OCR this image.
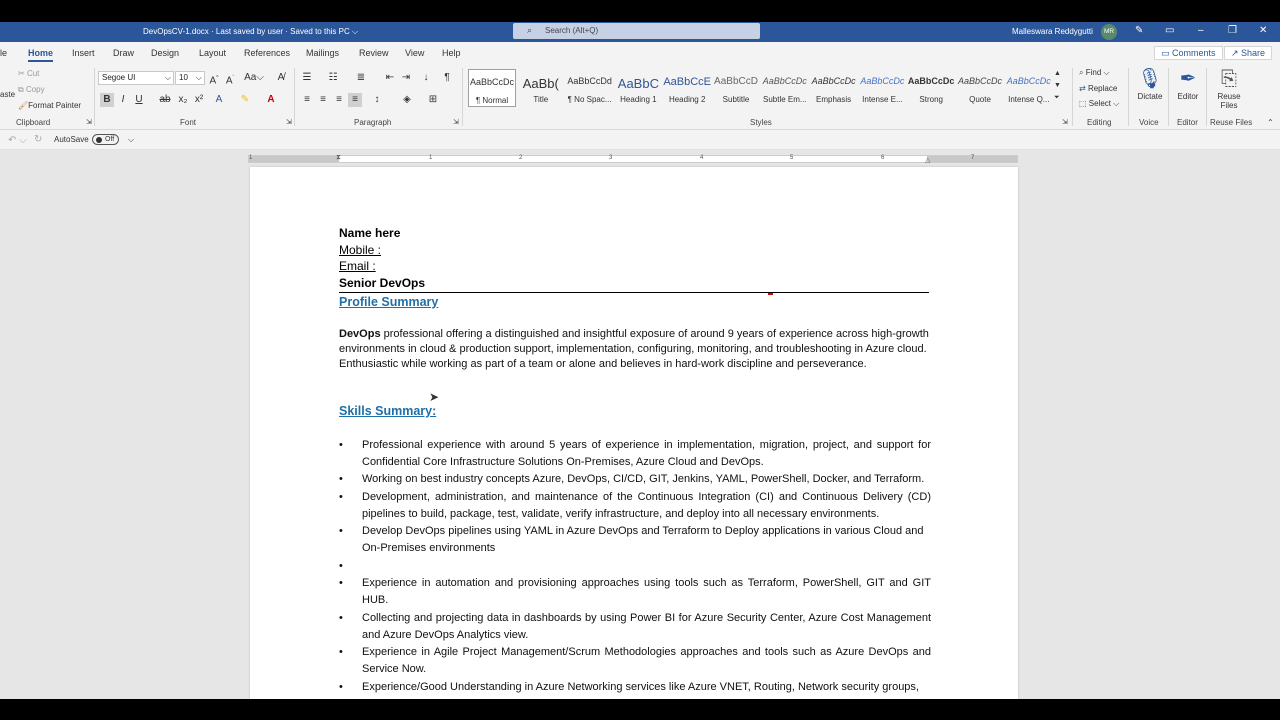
DevOpsCV-1.docx · Last saved by user · Saved to this PC ⌵	⌕ Search (Alt+Q)	Malleswara Reddygutti	MR ✎ ▭ – ❐ ✕
le Home Insert Draw Design Layout References Mailings Review View Help	▭ Comments	↗ Share
aste
✂ Cut
⧉ Copy
🖌Format Painter
Clipboard	⇲
Segoe UI	⌵	10 ⌵ A^ $A^ˇ$ Aa⌵	A̸
B	I	U	ab x₂ x²	A	✎	A
Font	⇲
☰ ☷ ≣ ⇤ ⇥	↓	¶
≡	≡	≡	≡	↕	◈	⊞
Paragraph	⇲
▲
▼
⏷
Styles	⇲
⌕ Find ⌵
⇄ Replace
⬚ Select ⌵
Editing
🎙
Dictate
Voice
✒
Editor
Editor
⎘
Reuse Files
Reuse Files ⌃
AaBbCcDc
¶ Normal
AaBb(
Title
AaBbCcDd
¶ No Spac...
AaBbC
Heading 1
AaBbCcE
Heading 2
AaBbCcD
Subtitle
AaBbCcDc
Subtle Em...
AaBbCcDc
Emphasis
AaBbCcDc
Intense E...
AaBbCcDc
Strong
AaBbCcDc
Quote
AaBbCcDc
Intense Q...
↶ ⌵ ↻ AutoSave	Off	⌵
1	1	2	3	4	5	6	7
⧗	△
Name here
Mobile :
Email :
Senior DevOps
Profile Summary
DevOps professional offering a distinguished and insightful exposure of around 9 years of experience across high-growth environments in cloud & production support, implementation, configuring, monitoring, and troubleshooting in Azure cloud. Enthusiastic while working as part of a team or alone and believes in hard-work discipline and perseverance.
Skills Summary:
• Professional experience with around 5 years of experience in implementation, migration, project, and support for Confidential Core Infrastructure Solutions On-Premises, Azure Cloud and DevOps.
• Working on best industry concepts Azure, DevOps, CI/CD, GIT, Jenkins, YAML, PowerShell, Docker, and Terraform.
• Development, administration, and maintenance of the Continuous Integration (CI) and Continuous Delivery (CD) pipelines to build, package, test, validate, verify infrastructure, and deploy into all necessary environments.
• Develop DevOps pipelines using YAML in Azure DevOps and Terraform to Deploy applications in various Cloud and On-Premises environments
•
• Experience in automation and provisioning approaches using tools such as Terraform, PowerShell, GIT and GIT HUB.
• Collecting and projecting data in dashboards by using Power BI for Azure Security Center, Azure Cost Management and Azure DevOps Analytics view.
• Experience in Agile Project Management/Scrum Methodologies approaches and tools such as Azure DevOps and Service Now.
• Experience/Good Understanding in Azure Networking services like Azure VNET, Routing, Network security groups,
➤
